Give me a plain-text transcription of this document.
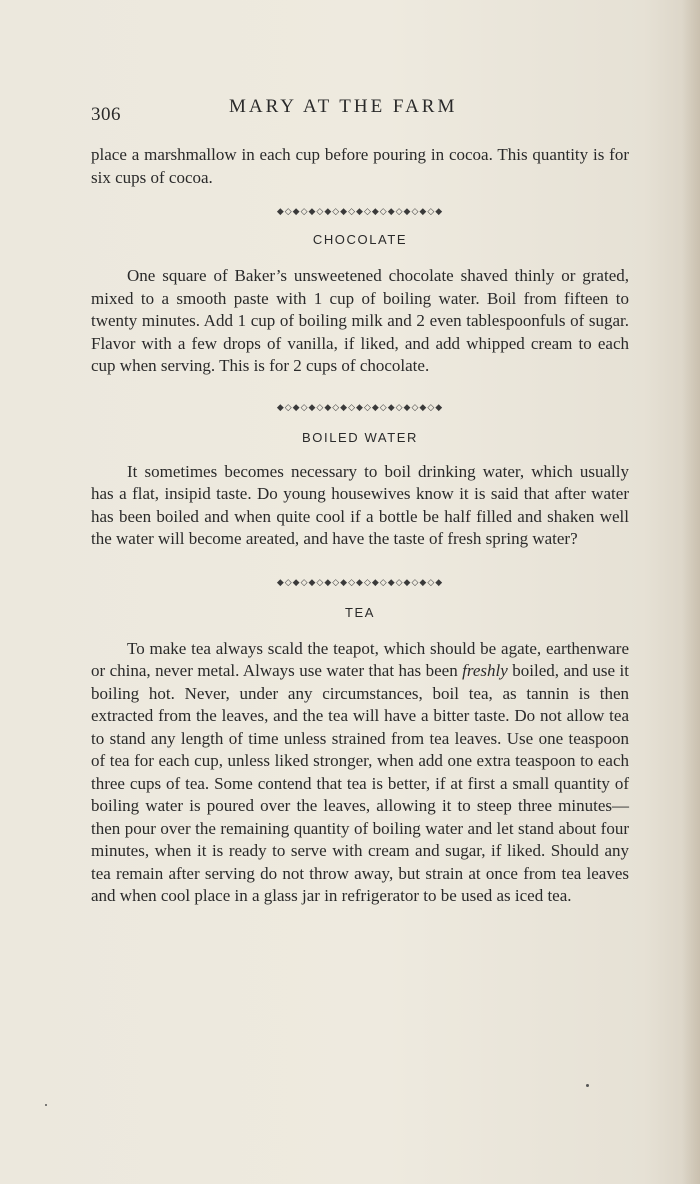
306	MARY AT THE FARM

place a marshmallow in each cup before pouring in cocoa. This quantity is for six cups of cocoa.

◆◇◆◇◆◇◆◇◆◇◆◇◆◇◆◇◆◇◆◇◆
CHOCOLATE

One square of Baker’s unsweetened chocolate shaved thinly or grated, mixed to a smooth paste with 1 cup of boiling water. Boil from fifteen to twenty minutes. Add 1 cup of boiling milk and 2 even tablespoonfuls of sugar. Flavor with a few drops of vanilla, if liked, and add whipped cream to each cup when serving. This is for 2 cups of chocolate.

◆◇◆◇◆◇◆◇◆◇◆◇◆◇◆◇◆◇◆◇◆
BOILED WATER

It sometimes becomes necessary to boil drinking water, which usually has a flat, insipid taste. Do young housewives know it is said that after water has been boiled and when quite cool if a bottle be half filled and shaken well the water will become areated, and have the taste of fresh spring water?

◆◇◆◇◆◇◆◇◆◇◆◇◆◇◆◇◆◇◆◇◆
TEA

To make tea always scald the teapot, which should be agate, earthenware or china, never metal. Always use water that has been freshly boiled, and use it boiling hot. Never, under any circumstances, boil tea, as tannin is then extracted from the leaves, and the tea will have a bitter taste. Do not allow tea to stand any length of time unless strained from tea leaves. Use one teaspoon of tea for each cup, unless liked stronger, when add one extra teaspoon to each three cups of tea. Some contend that tea is better, if at first a small quantity of boiling water is poured over the leaves, allowing it to steep three minutes—then pour over the remaining quantity of boiling water and let stand about four minutes, when it is ready to serve with cream and sugar, if liked. Should any tea remain after serving do not throw away, but strain at once from tea leaves and when cool place in a glass jar in refrigerator to be used as iced tea.
